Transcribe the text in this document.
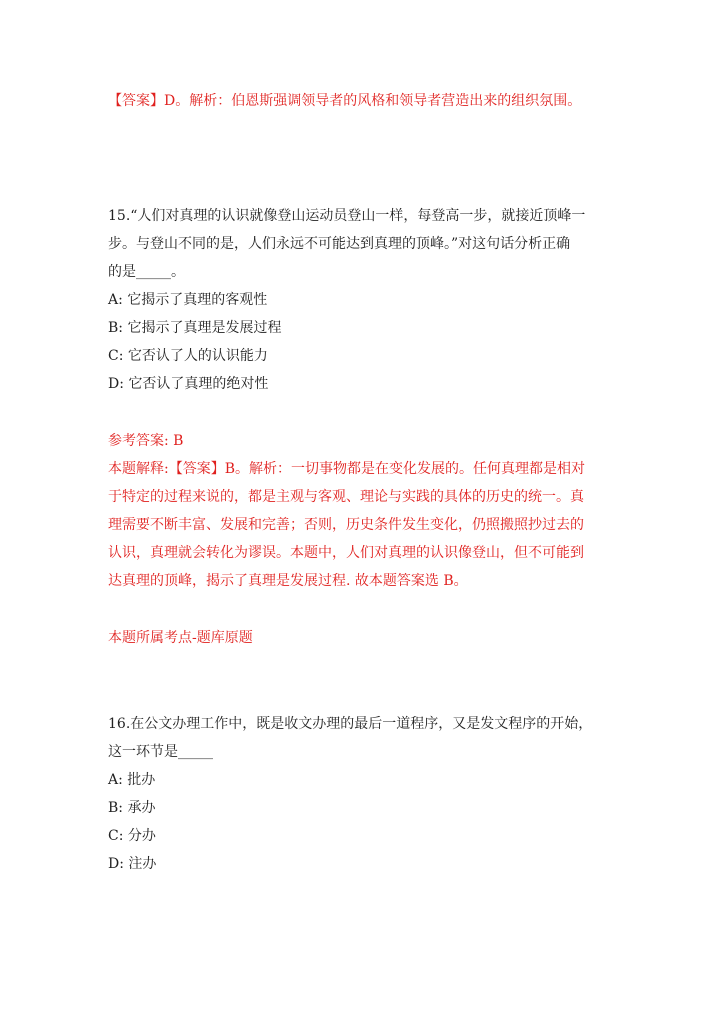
【答案】D。解析：伯恩斯强调领导者的风格和领导者营造出来的组织氛围。
15.“人们对真理的认识就像登山运动员登山一样，每登高一步，就接近顶峰一
步。与登山不同的是，人们永远不可能达到真理的顶峰。”对这句话分析正确
的是_____。
A: 它揭示了真理的客观性
B: 它揭示了真理是发展过程
C: 它否认了人的认识能力
D: 它否认了真理的绝对性
参考答案: B
本题解释:【答案】B。解析：一切事物都是在变化发展的。任何真理都是相对
于特定的过程来说的，都是主观与客观、理论与实践的具体的历史的统一。真
理需要不断丰富、发展和完善；否则，历史条件发生变化，仍照搬照抄过去的
认识，真理就会转化为谬误。本题中，人们对真理的认识像登山，但不可能到
达真理的顶峰，揭示了真理是发展过程. 故本题答案选 B。
本题所属考点-题库原题
16.在公文办理工作中，既是收文办理的最后一道程序，又是发文程序的开始，
这一环节是_____
A: 批办
B: 承办
C: 分办
D: 注办
